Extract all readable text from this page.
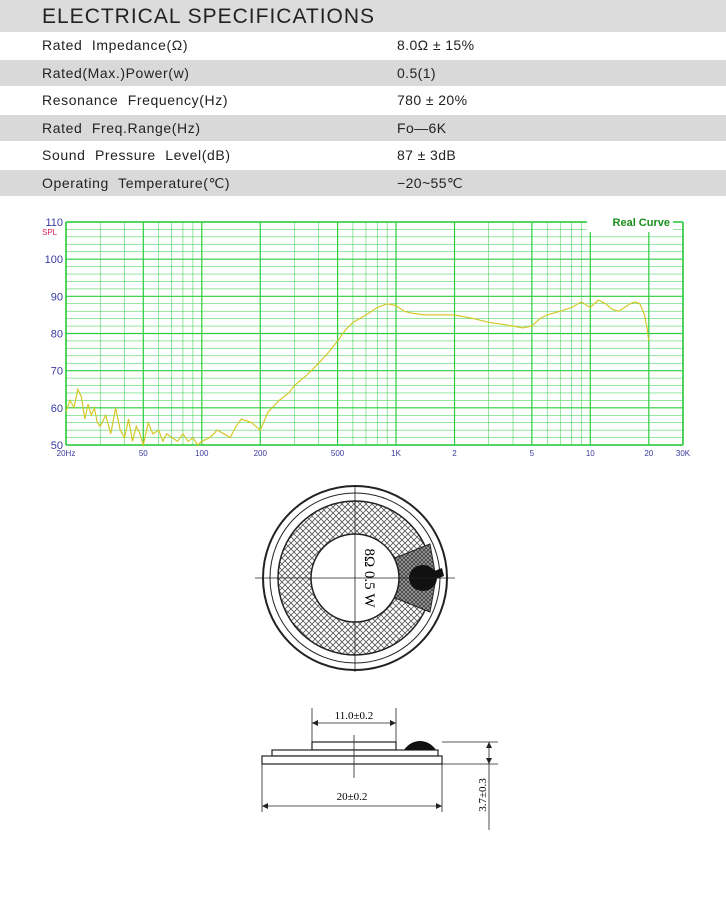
ELECTRICAL SPECIFICATIONS
Rated Impedance(Ω)	8.0Ω ± 15%
Rated(Max.)Power(w)	0.5(1)
Resonance Frequency(Hz)	780 ± 20%
Rated Freq.Range(Hz)	Fo—6K
Sound Pressure Level(dB)	87 ± 3dB
Operating Temperature(℃)	−20~55℃
20Hz	50	100	200	500	1K	2	5	10	20	30K
50
60
70
80
90
100
110	Real Curve
SPL
8Ω 0.5 W
11.0±0.2
20±0.2	3.7±0.3
